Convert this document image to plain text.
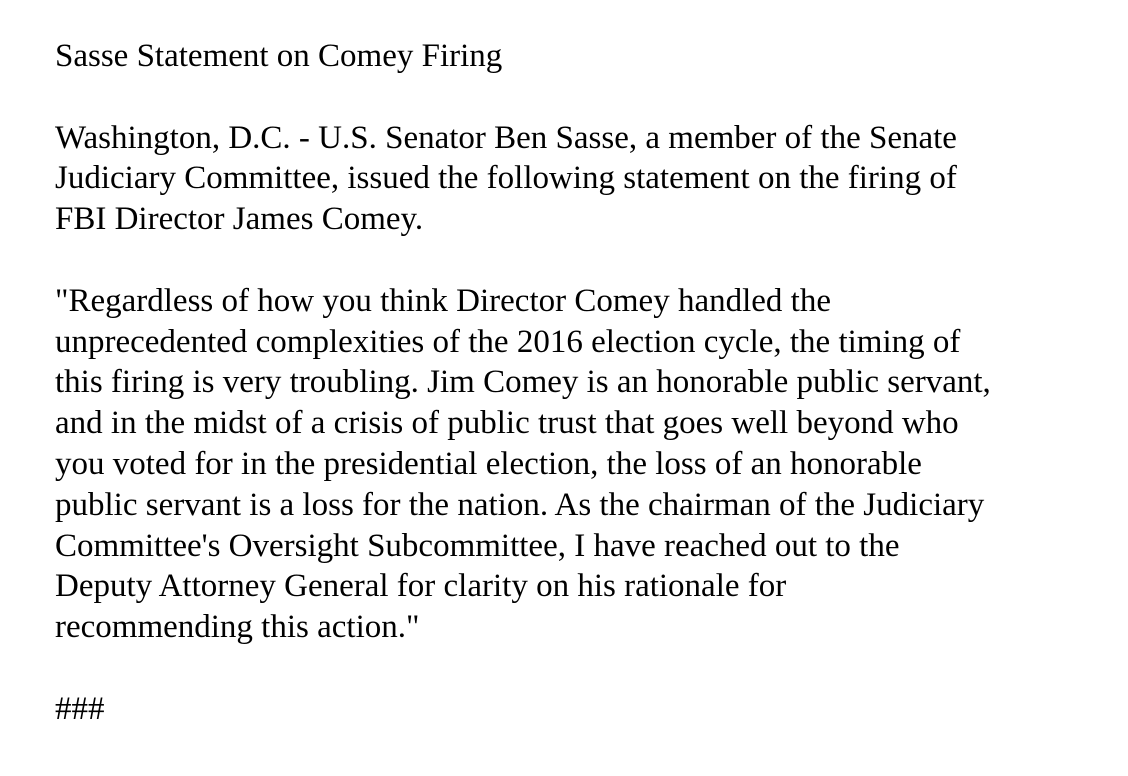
Sasse Statement on Comey Firing

Washington, D.C. - U.S. Senator Ben Sasse, a member of the Senate
Judiciary Committee, issued the following statement on the firing of
FBI Director James Comey.

"Regardless of how you think Director Comey handled the
unprecedented complexities of the 2016 election cycle, the timing of
this firing is very troubling. Jim Comey is an honorable public servant,
and in the midst of a crisis of public trust that goes well beyond who
you voted for in the presidential election, the loss of an honorable
public servant is a loss for the nation. As the chairman of the Judiciary
Committee's Oversight Subcommittee, I have reached out to the
Deputy Attorney General for clarity on his rationale for
recommending this action."

###
